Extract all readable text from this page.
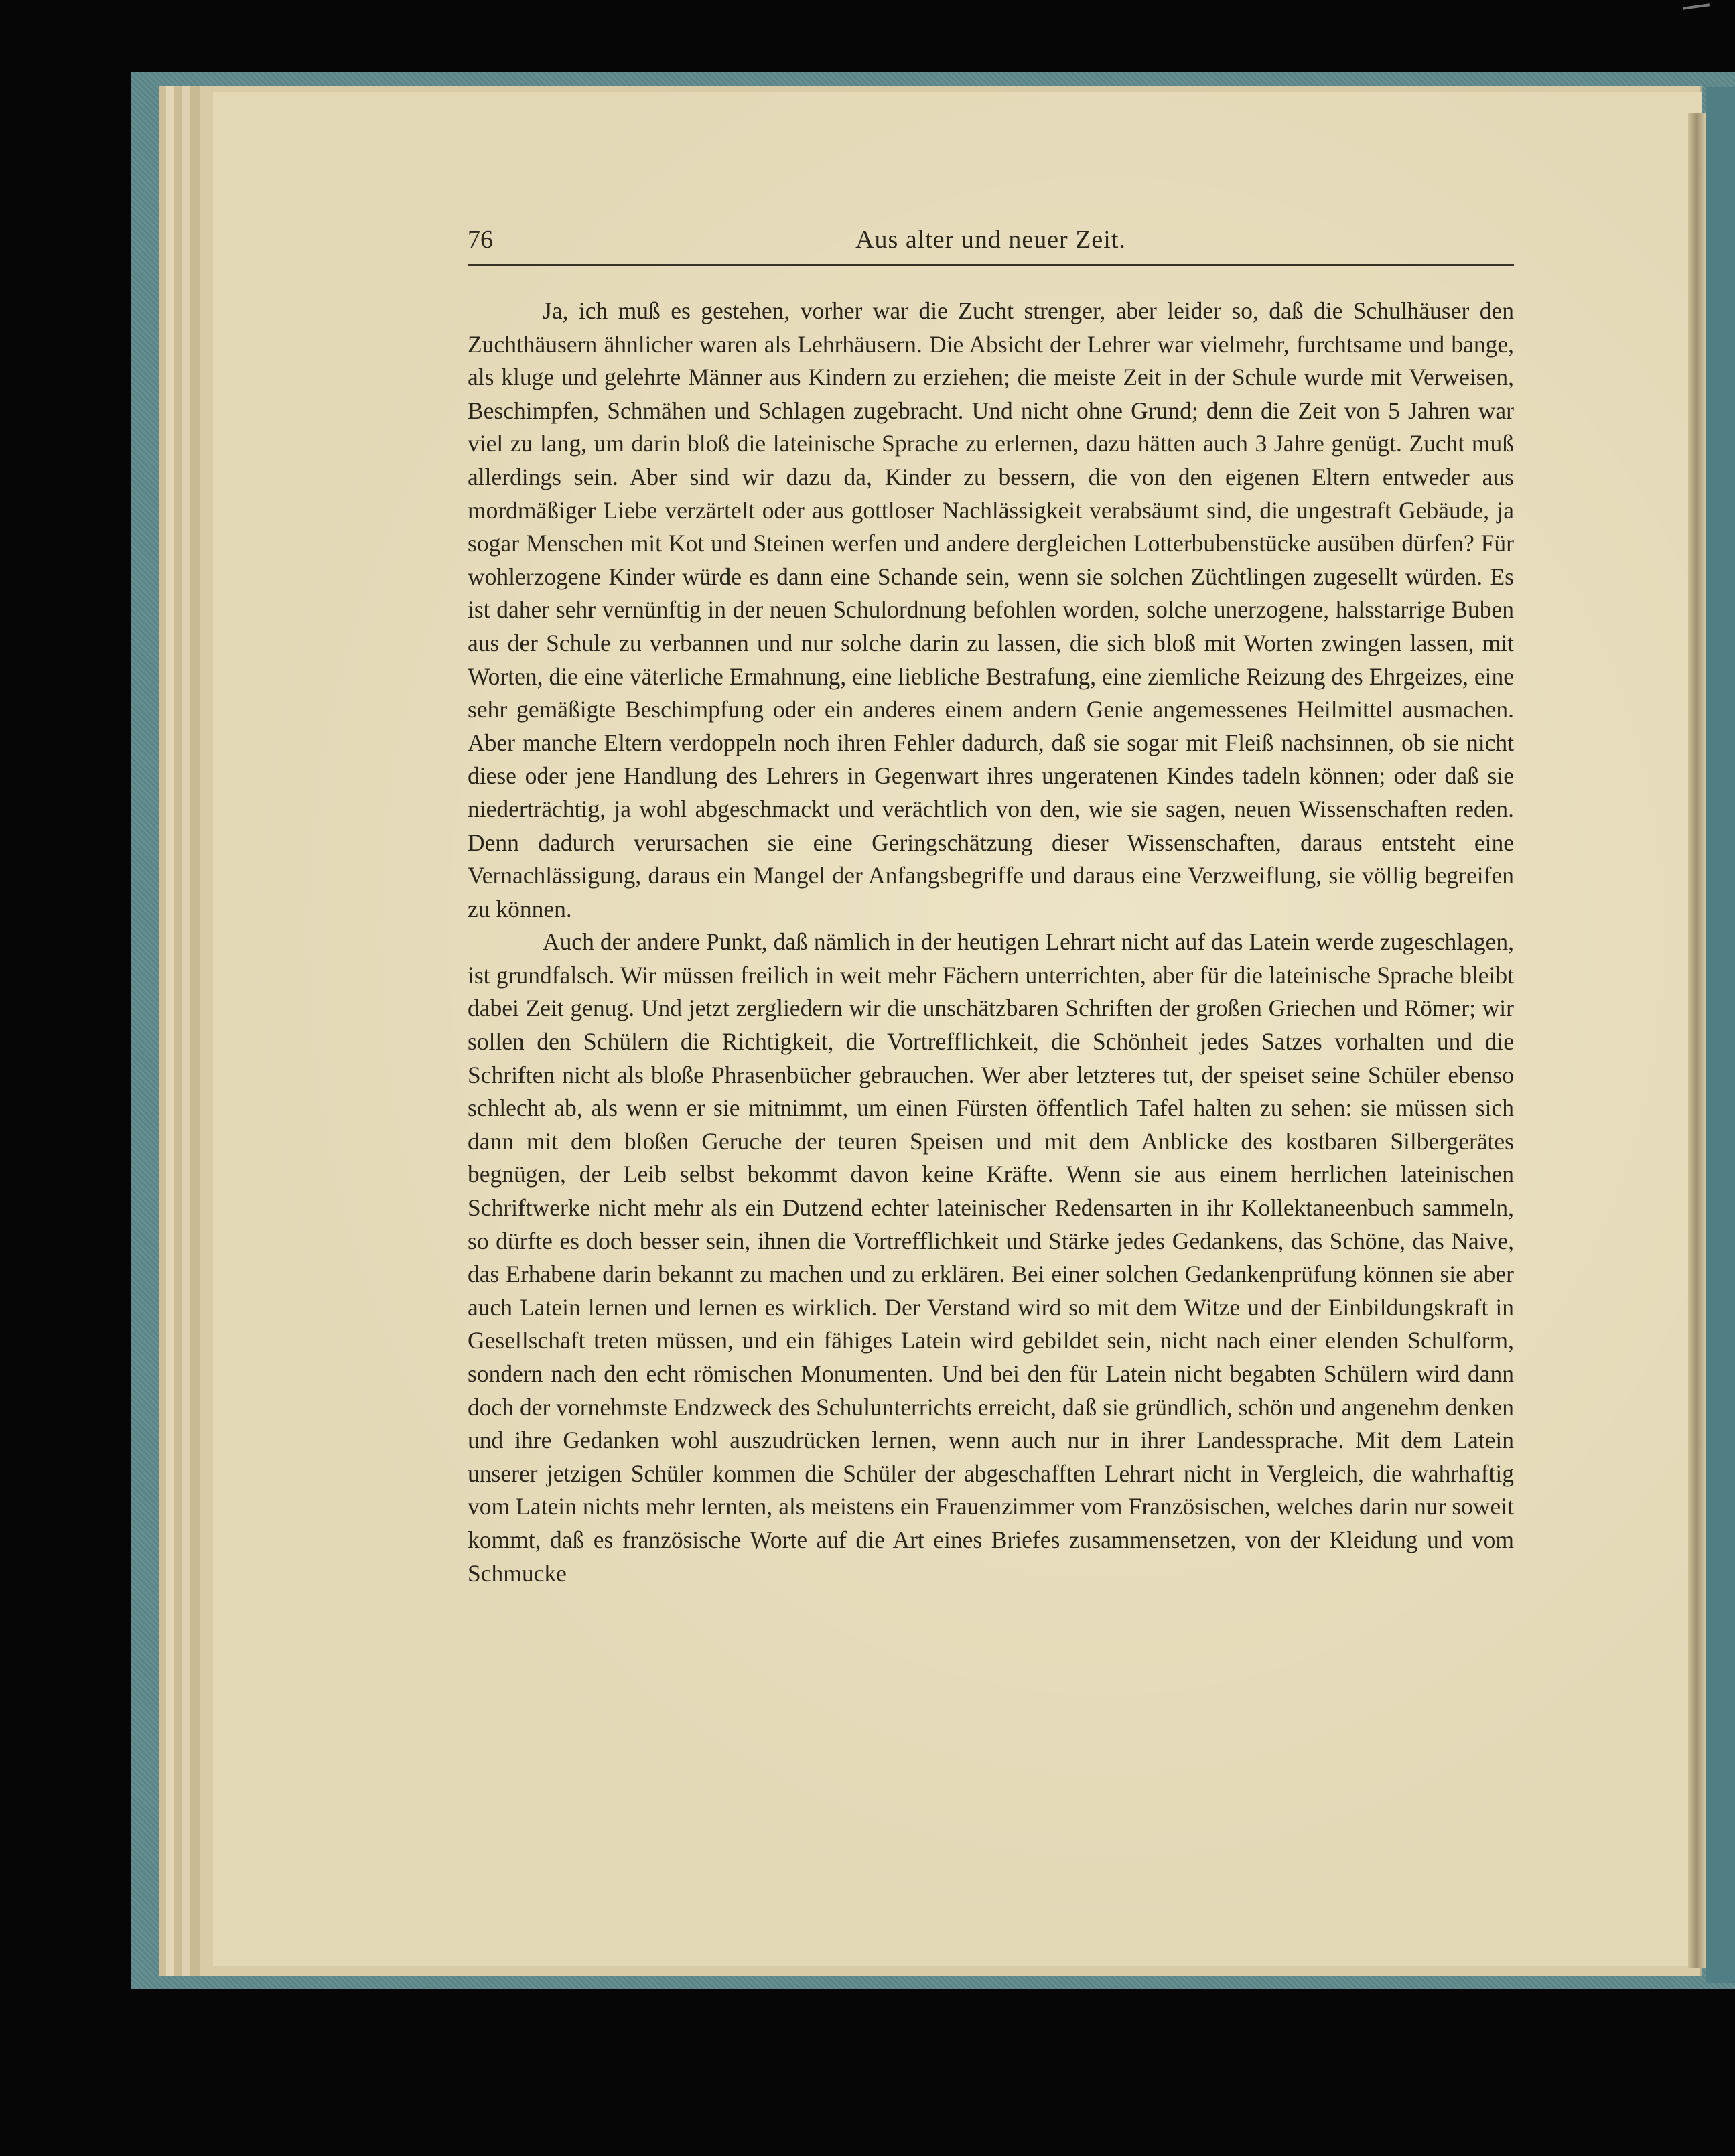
76	Aus alter und neuer Zeit.

Ja, ich muß es gestehen, vorher war die Zucht strenger, aber leider so, daß die Schulhäuser den Zuchthäusern ähnlicher waren als Lehrhäusern. Die Absicht der Lehrer war vielmehr, furchtsame und bange, als kluge und gelehrte Männer aus Kindern zu erziehen; die meiste Zeit in der Schule wurde mit Verweisen, Beschimpfen, Schmähen und Schlagen zugebracht. Und nicht ohne Grund; denn die Zeit von 5 Jahren war viel zu lang, um darin bloß die lateinische Sprache zu erlernen, dazu hätten auch 3 Jahre genügt. Zucht muß allerdings sein. Aber sind wir dazu da, Kinder zu bessern, die von den eigenen Eltern entweder aus mordmäßiger Liebe verzärtelt oder aus gottloser Nachlässigkeit verabsäumt sind, die ungestraft Gebäude, ja sogar Menschen mit Kot und Steinen werfen und andere dergleichen Lotterbubenstücke ausüben dürfen? Für wohlerzogene Kinder würde es dann eine Schande sein, wenn sie solchen Züchtlingen zugesellt würden. Es ist daher sehr vernünftig in der neuen Schulordnung befohlen worden, solche unerzogene, halsstarrige Buben aus der Schule zu verbannen und nur solche darin zu lassen, die sich bloß mit Worten zwingen lassen, mit Worten, die eine väterliche Ermahnung, eine liebliche Bestrafung, eine ziemliche Reizung des Ehrgeizes, eine sehr gemäßigte Beschimpfung oder ein anderes einem andern Genie angemessenes Heilmittel ausmachen. Aber manche Eltern verdoppeln noch ihren Fehler dadurch, daß sie sogar mit Fleiß nachsinnen, ob sie nicht diese oder jene Handlung des Lehrers in Gegenwart ihres ungeratenen Kindes tadeln können; oder daß sie niederträchtig, ja wohl abgeschmackt und verächtlich von den, wie sie sagen, neuen Wissenschaften reden. Denn dadurch verursachen sie eine Geringschätzung dieser Wissenschaften, daraus entsteht eine Vernachlässigung, daraus ein Mangel der Anfangsbegriffe und daraus eine Verzweiflung, sie völlig begreifen zu können.

Auch der andere Punkt, daß nämlich in der heutigen Lehrart nicht auf das Latein werde zugeschlagen, ist grundfalsch. Wir müssen freilich in weit mehr Fächern unterrichten, aber für die lateinische Sprache bleibt dabei Zeit genug. Und jetzt zergliedern wir die unschätzbaren Schriften der großen Griechen und Römer; wir sollen den Schülern die Richtigkeit, die Vortrefflichkeit, die Schönheit jedes Satzes vorhalten und die Schriften nicht als bloße Phrasenbücher gebrauchen. Wer aber letzteres tut, der speiset seine Schüler ebenso schlecht ab, als wenn er sie mitnimmt, um einen Fürsten öffentlich Tafel halten zu sehen: sie müssen sich dann mit dem bloßen Geruche der teuren Speisen und mit dem Anblicke des kostbaren Silbergerätes begnügen, der Leib selbst bekommt davon keine Kräfte. Wenn sie aus einem herrlichen lateinischen Schriftwerke nicht mehr als ein Dutzend echter lateinischer Redensarten in ihr Kollektaneenbuch sammeln, so dürfte es doch besser sein, ihnen die Vortrefflichkeit und Stärke jedes Gedankens, das Schöne, das Naive, das Erhabene darin bekannt zu machen und zu erklären. Bei einer solchen Gedankenprüfung können sie aber auch Latein lernen und lernen es wirklich. Der Verstand wird so mit dem Witze und der Einbildungskraft in Gesellschaft treten müssen, und ein fähiges Latein wird gebildet sein, nicht nach einer elenden Schulform, sondern nach den echt römischen Monumenten. Und bei den für Latein nicht begabten Schülern wird dann doch der vornehmste Endzweck des Schulunterrichts erreicht, daß sie gründlich, schön und angenehm denken und ihre Gedanken wohl auszudrücken lernen, wenn auch nur in ihrer Landessprache. Mit dem Latein unserer jetzigen Schüler kommen die Schüler der abgeschafften Lehrart nicht in Vergleich, die wahrhaftig vom Latein nichts mehr lernten, als meistens ein Frauenzimmer vom Französischen, welches darin nur soweit kommt, daß es französische Worte auf die Art eines Briefes zusammensetzen, von der Kleidung und vom Schmucke
